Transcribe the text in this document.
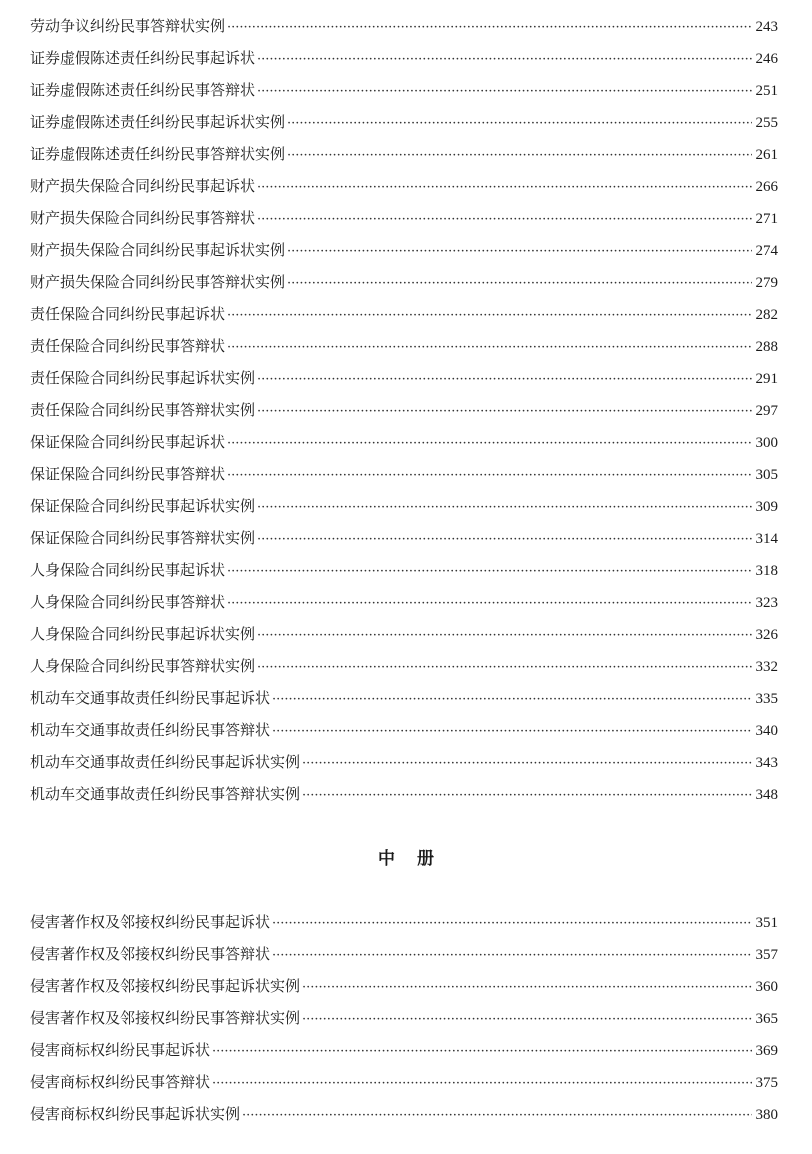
劳动争议纠纷民事答辩状实例 ·····	243
证券虚假陈述责任纠纷民事起诉状 ·····	246
证券虚假陈述责任纠纷民事答辩状 ·····	251
证券虚假陈述责任纠纷民事起诉状实例 ·····	255
证券虚假陈述责任纠纷民事答辩状实例 ·····	261
财产损失保险合同纠纷民事起诉状 ·····	266
财产损失保险合同纠纷民事答辩状 ·····	271
财产损失保险合同纠纷民事起诉状实例 ·····	274
财产损失保险合同纠纷民事答辩状实例 ·····	279
责任保险合同纠纷民事起诉状 ·····	282
责任保险合同纠纷民事答辩状 ·····	288
责任保险合同纠纷民事起诉状实例 ·····	291
责任保险合同纠纷民事答辩状实例 ·····	297
保证保险合同纠纷民事起诉状 ·····	300
保证保险合同纠纷民事答辩状 ·····	305
保证保险合同纠纷民事起诉状实例 ·····	309
保证保险合同纠纷民事答辩状实例 ·····	314
人身保险合同纠纷民事起诉状 ·····	318
人身保险合同纠纷民事答辩状 ·····	323
人身保险合同纠纷民事起诉状实例 ·····	326
人身保险合同纠纷民事答辩状实例 ·····	332
机动车交通事故责任纠纷民事起诉状 ·····	335
机动车交通事故责任纠纷民事答辩状 ·····	340
机动车交通事故责任纠纷民事起诉状实例 ·····	343
机动车交通事故责任纠纷民事答辩状实例 ·····	348
中册
侵害著作权及邻接权纠纷民事起诉状 ·····	351
侵害著作权及邻接权纠纷民事答辩状 ·····	357
侵害著作权及邻接权纠纷民事起诉状实例 ·····	360
侵害著作权及邻接权纠纷民事答辩状实例 ·····	365
侵害商标权纠纷民事起诉状 ·····	369
侵害商标权纠纷民事答辩状 ·····	375
侵害商标权纠纷民事起诉状实例 ·····	380
